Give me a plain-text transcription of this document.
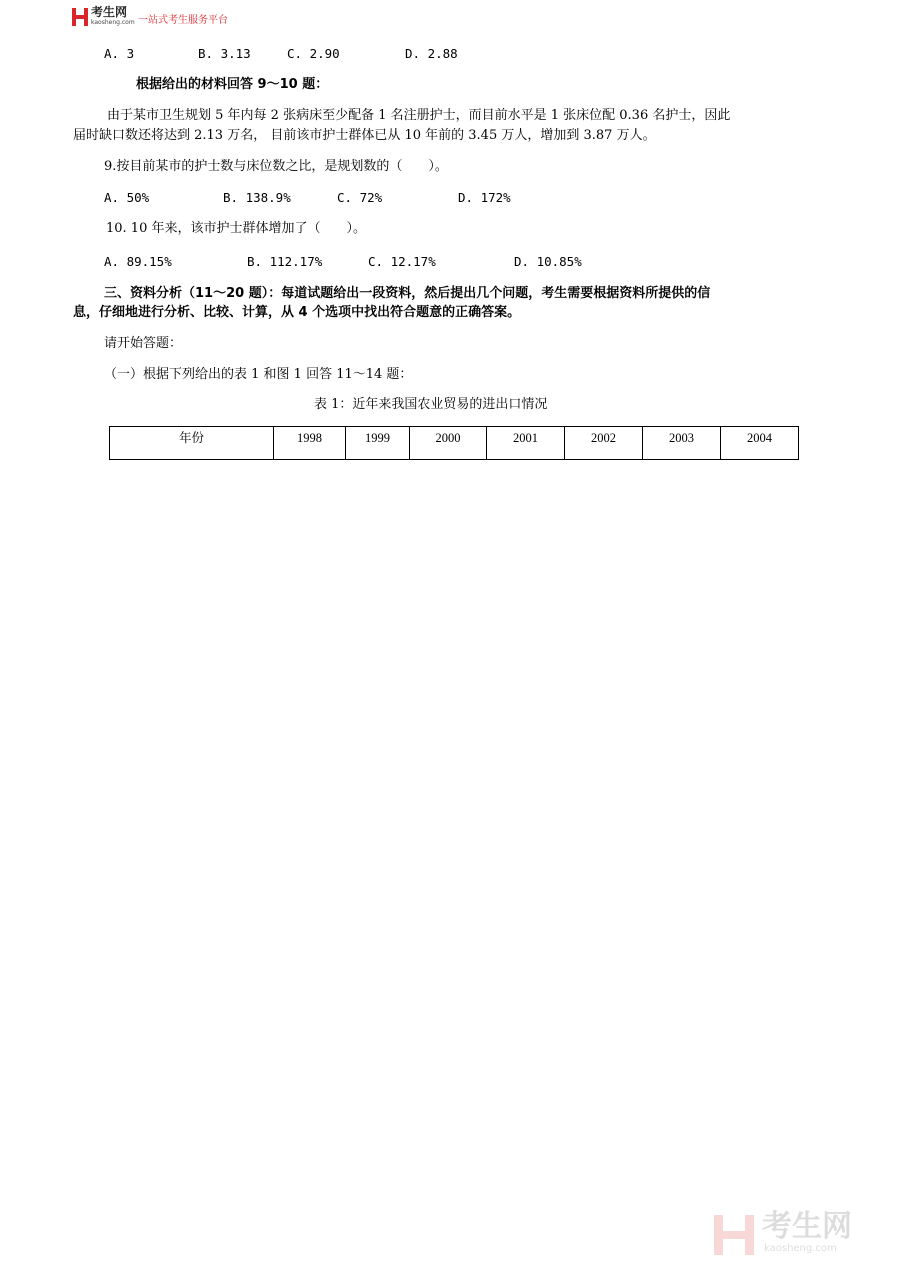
考生网
kaosheng.com 一站式考生服务平台
A. 3	B. 3.13	C. 2.90	D. 2.88
根据给出的材料回答 9～10 题：
由于某市卫生规划 5 年内每 2 张病床至少配备 1 名注册护士，而目前水平是 1 张床位配 0.36 名护士，因此
届时缺口数还将达到 2.13 万名， 目前该市护士群体已从 10 年前的 3.45 万人，增加到 3.87 万人。
9.按目前某市的护士数与床位数之比，是规划数的（　　）。
A. 50%	B. 138.9%	C. 72%	D. 172%
10. 10 年来，该市护士群体增加了（　　）。
A. 89.15%	B. 112.17%	C. 12.17%	D. 10.85%
三、资料分析（11～20 题）：每道试题给出一段资料，然后提出几个问题，考生需要根据资料所提供的信
息，仔细地进行分析、比较、计算，从 4 个选项中找出符合题意的正确答案。
请开始答题：
（一）根据下列给出的表 1 和图 1 回答 11～14 题：
表 1：近年来我国农业贸易的进出口情况
年份	1998	1999	2000	2001	2002	2003	2004
考生网
kaosheng.com
